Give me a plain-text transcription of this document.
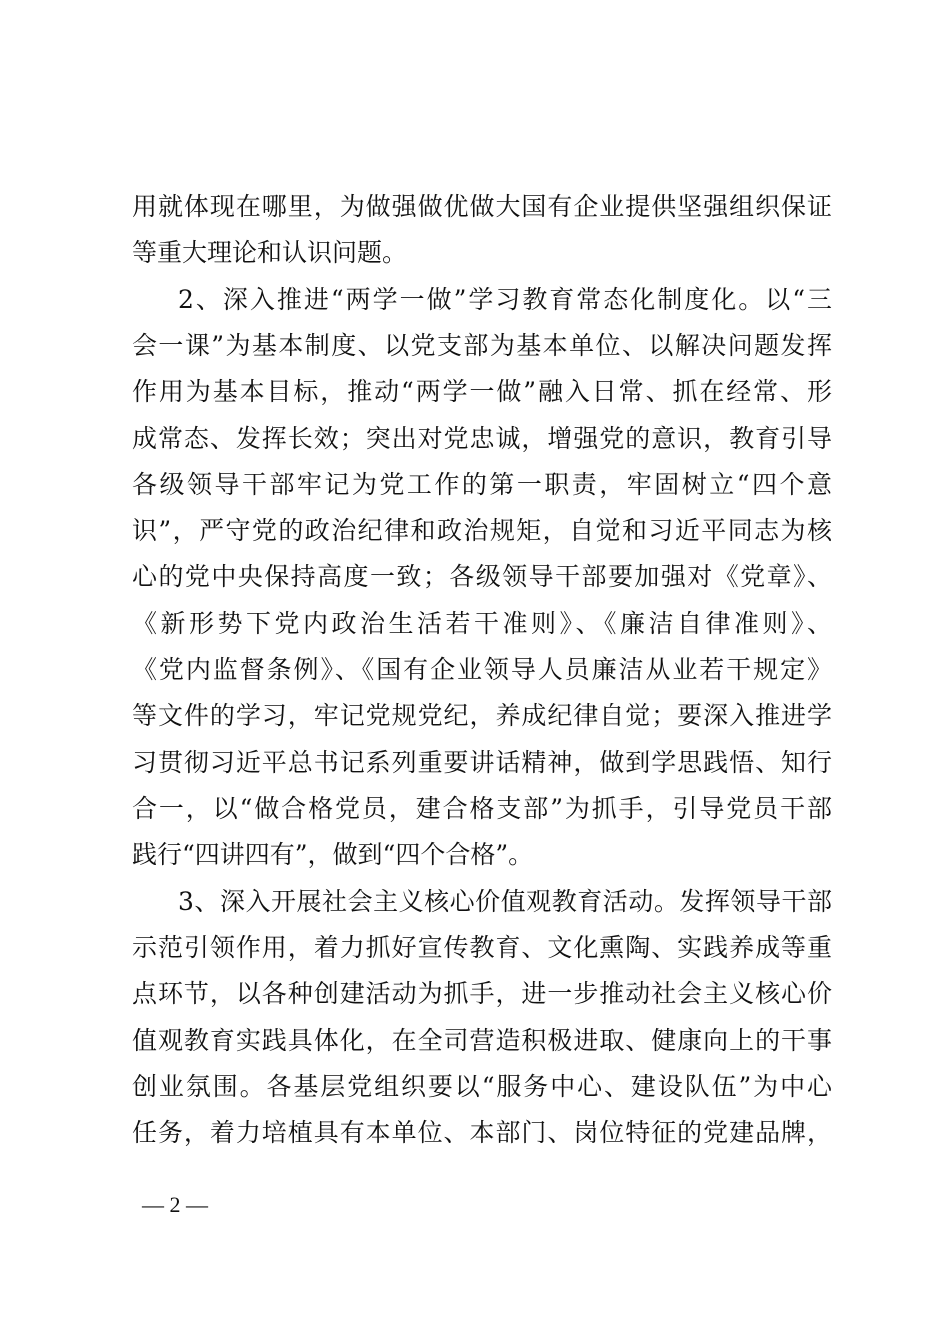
用就体现在哪里，为做强做优做大国有企业提供坚强组织保证
等重大理论和认识问题。
2、深入推进“两学一做”学习教育常态化制度化。以“三
会一课”为基本制度、以党支部为基本单位、以解决问题发挥
作用为基本目标，推动“两学一做”融入日常、抓在经常、形
成常态、发挥长效；突出对党忠诚，增强党的意识，教育引导
各级领导干部牢记为党工作的第一职责，牢固树立“四个意
识”，严守党的政治纪律和政治规矩，自觉和习近平同志为核
心的党中央保持高度一致；各级领导干部要加强对《党章》、
《新形势下党内政治生活若干准则》、《廉洁自律准则》、
《党内监督条例》、《国有企业领导人员廉洁从业若干规定》
等文件的学习，牢记党规党纪，养成纪律自觉；要深入推进学
习贯彻习近平总书记系列重要讲话精神，做到学思践悟、知行
合一，以“做合格党员，建合格支部”为抓手，引导党员干部
践行“四讲四有”，做到“四个合格”。
3、深入开展社会主义核心价值观教育活动。发挥领导干部
示范引领作用，着力抓好宣传教育、文化熏陶、实践养成等重
点环节，以各种创建活动为抓手，进一步推动社会主义核心价
值观教育实践具体化，在全司营造积极进取、健康向上的干事
创业氛围。各基层党组织要以“服务中心、建设队伍”为中心
任务，着力培植具有本单位、本部门、岗位特征的党建品牌，
— 2 —
